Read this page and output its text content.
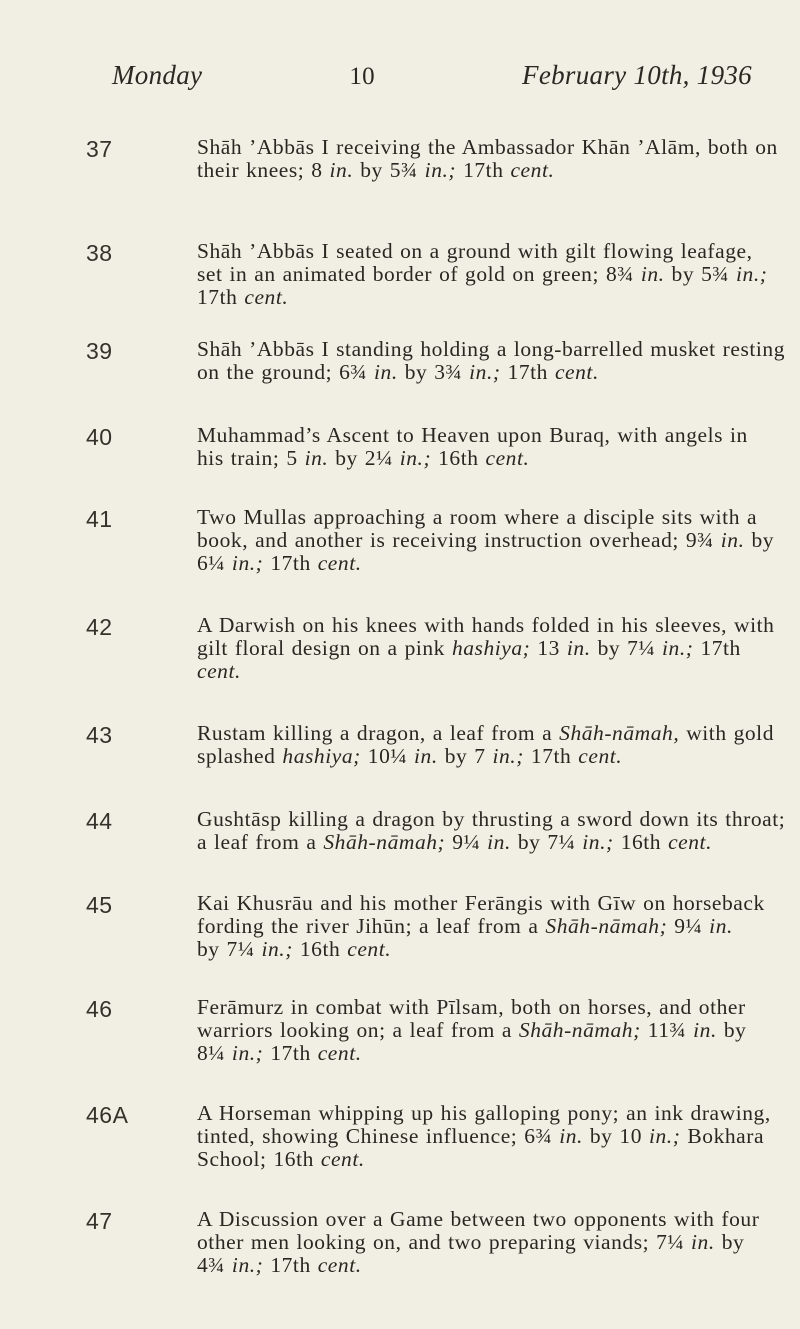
Monday	10	February 10th, 1936
37	Shāh ’Abbās I receiving the Ambassador Khān ’Alām, both on
their knees; 8 in. by 5¾ in.; 17th cent.
38	Shāh ’Abbās I seated on a ground with gilt flowing leafage,
set in an animated border of gold on green; 8¾ in. by 5¾ in.;
17th cent.
39	Shāh ’Abbās I standing holding a long-barrelled musket resting
on the ground; 6¾ in. by 3¾ in.; 17th cent.
40	Muhammad’s Ascent to Heaven upon Buraq, with angels in
his train; 5 in. by 2¼ in.; 16th cent.
41	Two Mullas approaching a room where a disciple sits with a
book, and another is receiving instruction overhead; 9¾ in. by
6¼ in.; 17th cent.
42	A Darwish on his knees with hands folded in his sleeves, with
gilt floral design on a pink hashiya; 13 in. by 7¼ in.; 17th
cent.
43	Rustam killing a dragon, a leaf from a Shāh-nāmah, with gold
splashed hashiya; 10¼ in. by 7 in.; 17th cent.
44	Gushtāsp killing a dragon by thrusting a sword down its throat;
a leaf from a Shāh-nāmah; 9¼ in. by 7¼ in.; 16th cent.
45	Kai Khusrāu and his mother Ferāngis with Gīw on horseback
fording the river Jihūn; a leaf from a Shāh-nāmah; 9¼ in.
by 7¼ in.; 16th cent.
46	Ferāmurz in combat with Pīlsam, both on horses, and other
warriors looking on; a leaf from a Shāh-nāmah; 11¾ in. by
8¼ in.; 17th cent.
46A	A Horseman whipping up his galloping pony; an ink drawing,
tinted, showing Chinese influence; 6¾ in. by 10 in.; Bokhara
School; 16th cent.
47	A Discussion over a Game between two opponents with four
other men looking on, and two preparing viands; 7¼ in. by
4¾ in.; 17th cent.
